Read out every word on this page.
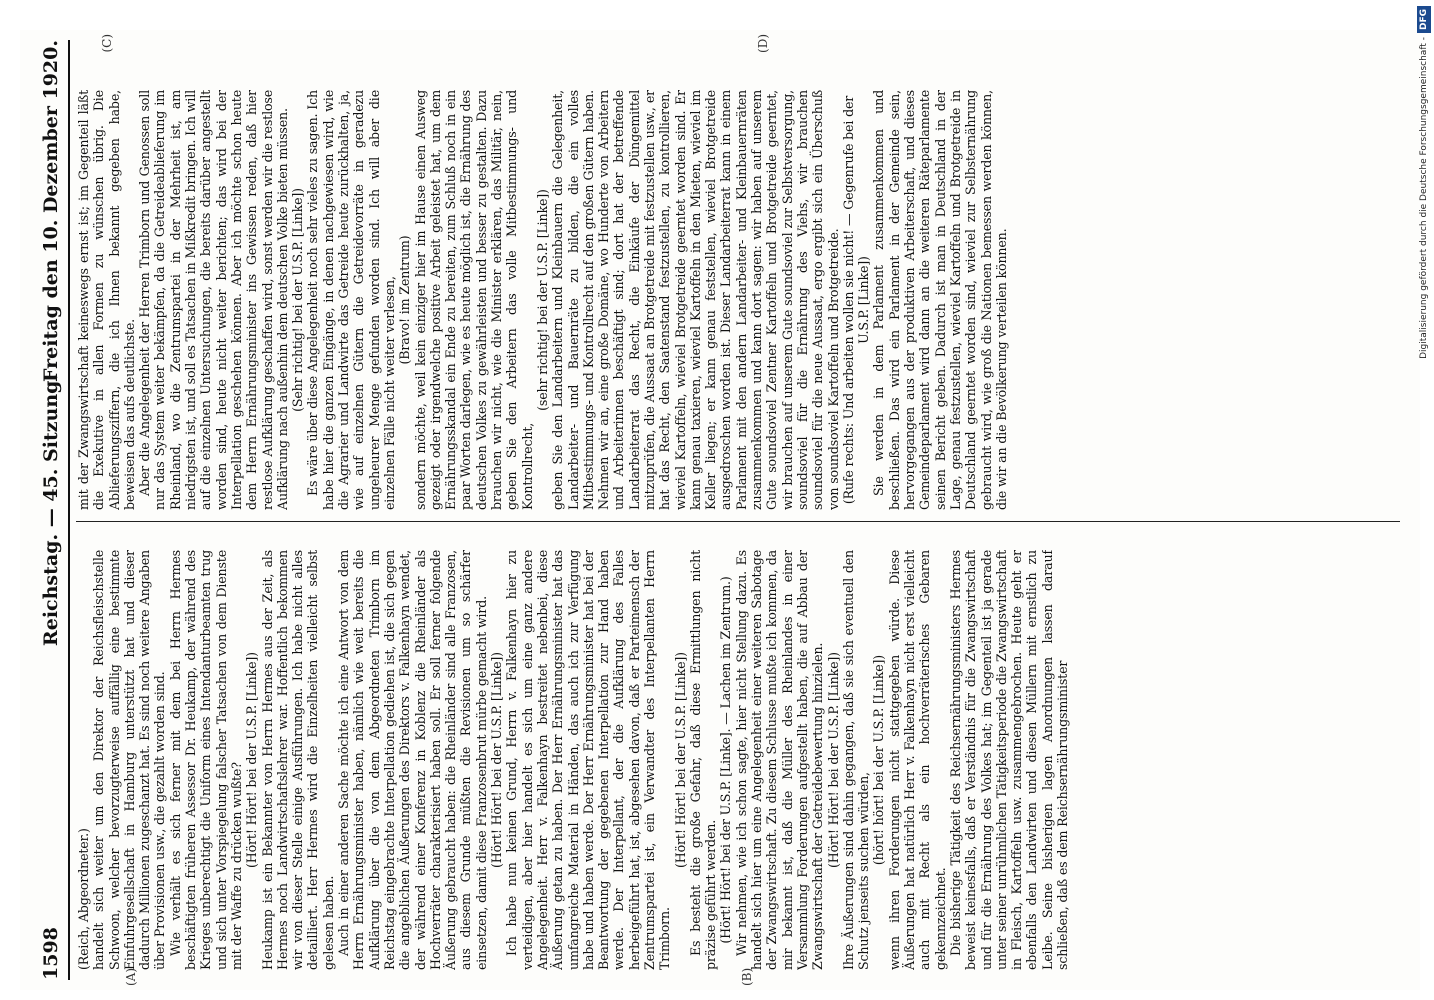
1598
Reichstag. — 45. Sitzung.
Freitag den 10. Dezember 1920.
(A)	(B)
(C)	(D)

(Reich, Abgeordneter.) handelt sich weiter um den Direktor der Reichsfleischstelle Schwoon, welcher bevorzugterweise auffällig eine bestimmte Einfuhrgesellschaft in Hamburg unterstützt hat und dieser dadurch Millionen zugeschanzt hat. Es sind noch weitere Angaben über Provisionen usw., die gezahlt worden sind. Wie verhält es sich ferner mit dem bei Herrn Hermes beschäftigten früheren Assessor Dr. Heukamp, der während des Krieges unberechtigt die Uniform eines Intendanturbeamten trug und sich unter Vorspiegelung falscher Tatsachen von dem Dienste mit der Waffe zu drücken wußte? (Hört! Hört! bei der U.S.P. [Linke]) Heukamp ist ein Bekannter von Herrn Hermes aus der Zeit, als Hermes noch Landwirtschaftslehrer war. Hoffentlich bekommen wir von dieser Stelle einige Ausführungen. Ich habe nicht alles detailliert. Herr Hermes wird die Einzelheiten vielleicht selbst gelesen haben. Auch in einer anderen Sache möchte ich eine Antwort von dem Herrn Ernährungsminister haben, nämlich wie weit bereits die Aufklärung über die von dem Abgeordneten Trimborn im Reichstag eingebrachte Interpellation gediehen ist, die sich gegen die angeblichen Äußerungen des Direktors v. Falkenhayn wendet, der während einer Konferenz in Koblenz die Rheinländer als Hochverräter charakterisiert haben soll. Er soll ferner folgende Äußerung gebraucht haben: die Rheinländer sind alle Franzosen, aus diesem Grunde müßten die Revisionen um so schärfer einsetzen, damit diese Franzosenbrut mürbe gemacht wird. (Hört! Hört! bei der U.S.P. [Linke]) Ich habe nun keinen Grund, Herrn v. Falkenhayn hier zu verteidigen, aber hier handelt es sich um eine ganz andere Angelegenheit. Herr v. Falkenhayn bestreitet nebenbei, diese Äußerung getan zu haben. Der Herr Ernährungsminister hat das umfangreiche Material in Händen, das auch ich zur Verfügung habe und haben werde. Der Herr Ernährungsminister hat bei der Beantwortung der gegebenen Interpellation zur Hand haben werde. Der Interpellant, der die Aufklärung des Falles herbeigeführt hat, ist, abgesehen davon, daß er Parteimensch der Zentrumspartei ist, ein Verwandter des Interpellanten Herrn Trimborn.

(Hört! Hört! bei der U.S.P. [Linke]) Es besteht die große Gefahr, daß diese Ermittlungen nicht präzise geführt werden. (Hört! Hört! bei der U.S.P. [Linke]. — Lachen im Zentrum.) Wir nehmen, wie ich schon sagte, hier nicht Stellung dazu. Es handelt sich hier um eine Angelegenheit einer weiteren Sabotage der Zwangswirtschaft. Zu diesem Schlusse mußte ich kommen, da mir bekannt ist, daß die Müller des Rheinlandes in einer Versammlung Forderungen aufgestellt haben, die auf Abbau der Zwangswirtschaft der Getreidebewertung hinzielen. (Hört! Hört! bei der U.S.P. [Linke]) Ihre Äußerungen sind dahin gegangen, daß sie sich eventuell den Schutz jenseits suchen würden,

(hört! hört! bei der U.S.P. [Linke]) wenn ihren Forderungen nicht stattgegeben würde. Diese Äußerungen hat natürlich Herr v. Falkenhayn nicht erst vielleicht auch mit Recht als ein hochverräterisches Gebaren gekennzeichnet. Die bisherige Tätigkeit des Reichsernährungsministers Hermes beweist keinesfalls, daß er Verständnis für die Zwangswirtschaft und für die Ernährung des Volkes hat; im Gegenteil ist ja gerade unter seiner unrühmlichen Tätigkeitsperiode die Zwangswirtschaft in Fleisch, Kartoffeln usw. zusammengebrochen. Heute geht er ebenfalls den Landwirten und diesen Müllern mit ernstlich zu Leibe. Seine bisherigen lagen Anordnungen lassen darauf schließen, daß es dem Reichsernährungsminister

mit der Zwangswirtschaft keineswegs ernst ist; im Gegenteil läßt die Exekutive in allen Formen zu wünschen übrig. Die Ablieferungsziffern, die ich Ihnen bekannt gegeben habe, beweisen das aufs deutlichste. Aber die Angelegenheit der Herren Trimborn und Genossen soll nur das System weiter bekämpfen, da die Getreideablieferung im Rheinland, wo die Zentrumspartei in der Mehrheit ist, am niedrigsten ist, und soll es Tatsachen in Mißkredit bringen. Ich will auf die einzelnen Untersuchungen, die bereits darüber angestellt worden sind, heute nicht weiter berichten; das wird bei der Interpellation geschehen können. Aber ich möchte schon heute dem Herrn Ernährungsminister ins Gewissen reden, daß hier restlose Aufklärung geschaffen wird, sonst werden wir die restlose Aufklärung nach außenhin dem deutschen Volke bieten müssen. (Sehr richtig! bei der U.S.P. [Linke]) Es wäre über diese Angelegenheit noch sehr vieles zu sagen. Ich habe hier die ganzen Eingänge, in denen nachgewiesen wird, wie die Agrarier und Landwirte das Getreide heute zurückhalten, ja, wie auf einzelnen Gütern die Getreidevorräte in geradezu ungeheurer Menge gefunden worden sind. Ich will aber die einzelnen Fälle nicht weiter verlesen, (Bravo! im Zentrum) sondern möchte, weil kein einziger hier im Hause einen Ausweg gezeigt oder irgendwelche positive Arbeit geleistet hat, um dem Ernährungsskandal ein Ende zu bereiten, zum Schluß noch in ein paar Worten darlegen, wie es heute möglich ist, die Ernährung des deutschen Volkes zu gewährleisten und besser zu gestalten. Dazu brauchen wir nicht, wie die Minister erklären, das Militär, nein, geben Sie den Arbeitern das volle Mitbestimmungs- und Kontrollrecht,

(sehr richtig! bei der U.S.P. [Linke]) geben Sie den Landarbeitern und Kleinbauern die Gelegenheit, Landarbeiter- und Bauernräte zu bilden, die ein volles Mitbestimmungs- und Kontrollrecht auf den großen Gütern haben. Nehmen wir an, eine große Domäne, wo Hunderte von Arbeitern und Arbeiterinnen beschäftigt sind; dort hat der betreffende Landarbeiterrat das Recht, die Einkäufe der Düngemittel mitzuprüfen, die Aussaat an Brotgetreide mit festzustellen usw., er hat das Recht, den Saatenstand festzustellen, zu kontrollieren, wieviel Kartoffeln, wieviel Brotgetreide geerntet worden sind. Er kann genau taxieren, wieviel Kartoffeln in den Mieten, wieviel im Keller liegen; er kann genau feststellen, wieviel Brotgetreide ausgedroschen worden ist. Dieser Landarbeiterrat kann in einem Parlament mit den andern Landarbeiter- und Kleinbauernräten zusammenkommen und kann dort sagen: wir haben auf unserem Gute soundsoviel Zentner Kartoffeln und Brotgetreide geerntet, wir brauchen auf unserem Gute soundsoviel zur Selbstversorgung, soundsoviel für die Ernährung des Viehs, wir brauchen soundsoviel für die neue Aussaat, ergo ergibt sich ein Überschuß von soundsoviel Kartoffeln und Brotgetreide. (Rufe rechts: Und arbeiten wollen sie nicht! — Gegenrufe bei der U.S.P. [Linke]) Sie werden in dem Parlament zusammenkommen und beschließen. Das wird ein Parlament in der Gemeinde sein, hervorgegangen aus der produktiven Arbeiterschaft, und dieses Gemeindeparlament wird dann an die weiteren Räteparlamente seinen Bericht geben. Dadurch ist man in Deutschland in der Lage, genau festzustellen, wieviel Kartoffeln und Brotgetreide in Deutschland geerntet worden sind, wieviel zur Selbsternährung gebraucht wird, wie groß die Nationen bemessen werden können, die wir an die Bevölkerung verteilen können.

Digitalisierung gefördert durch die Deutsche Forschungsgemeinschaft -DFG
